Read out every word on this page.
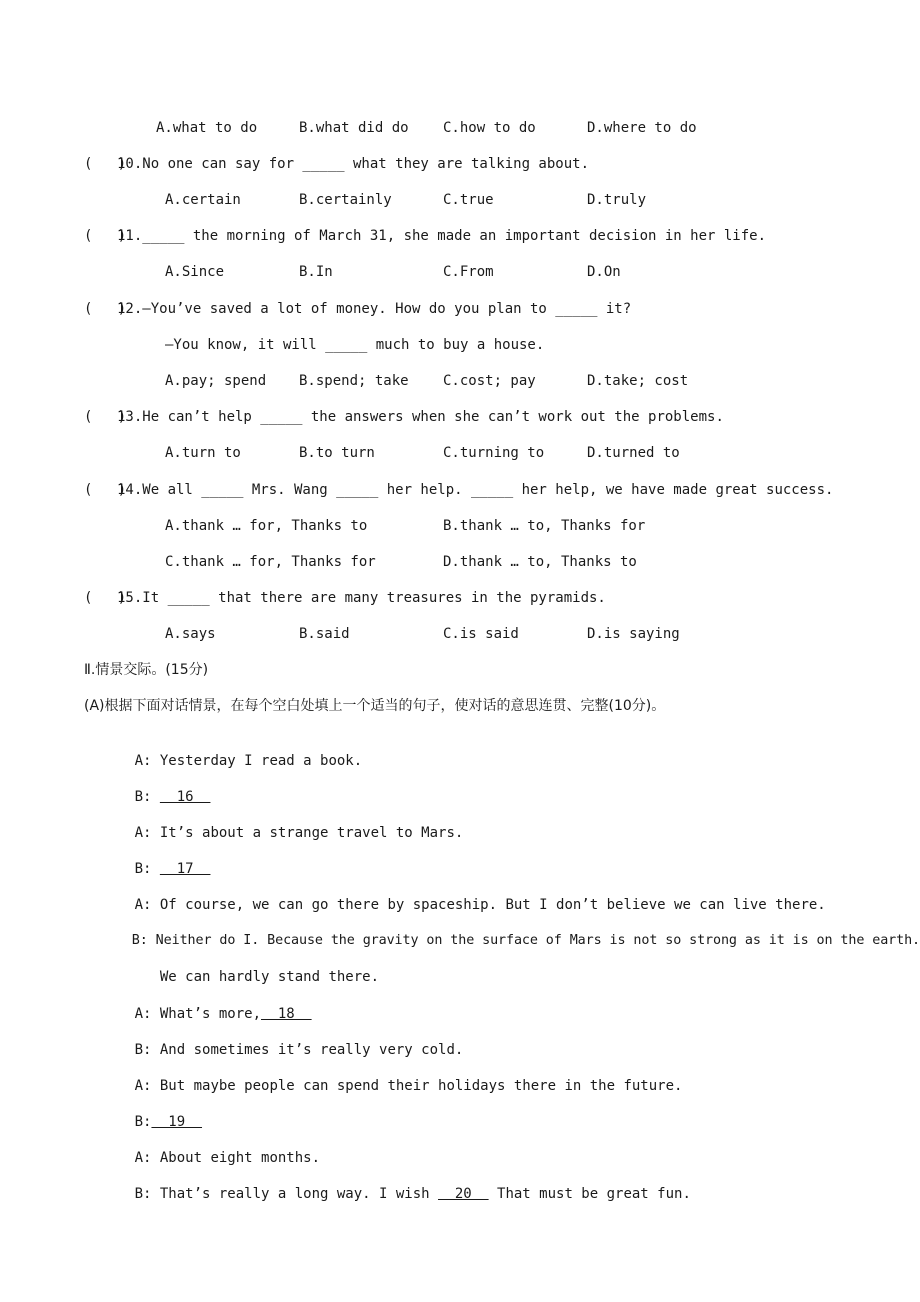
A.what to do	B.what did do C.how to do	D.where to do
(   )
10.No one can say for _____ what they are talking about.
A.certain	B.certainly	C.true	D.truly
(   )
11._____ the morning of March 31, she made an important decision in her life.
A.Since	B.In	C.From	D.On
(   )
12.—You’ve saved a lot of money. How do you plan to _____ it?
—You know, it will _____ much to buy a house.
A.pay; spend B.spend; take C.cost; pay	D.take; cost
(   )
13.He can’t help _____ the answers when she can’t work out the problems.
A.turn to	B.to turn	C.turning to	D.turned to
(   )
14.We all _____ Mrs. Wang _____ her help. _____ her help, we have made great success.
A.thank … for, Thanks to	B.thank … to, Thanks for
C.thank … for, Thanks for	D.thank … to, Thanks to
(   )
15.It _____ that there are many treasures in the pyramids.
A.says	B.said	C.is said	D.is saying
Ⅱ.情景交际。(15分)
(A)根据下面对话情景，在每个空白处填上一个适当的句子，使对话的意思连贯、完整(10分)。

A: Yesterday I read a book.

B:   16

A: It’s about a strange travel to Mars.

B:   17

A: Of course, we can go there by spaceship. But I don’t believe we can live there.

B: Neither do I. Because the gravity on the surface of Mars is not so strong as it is on the earth.

We can hardly stand there.

A: What’s more,  18

B: And sometimes it’s really very cold.

A: But maybe people can spend their holidays there in the future.

B:  19

A: About eight months.

B: That’s really a long way. I wish   20   That must be great fun.
